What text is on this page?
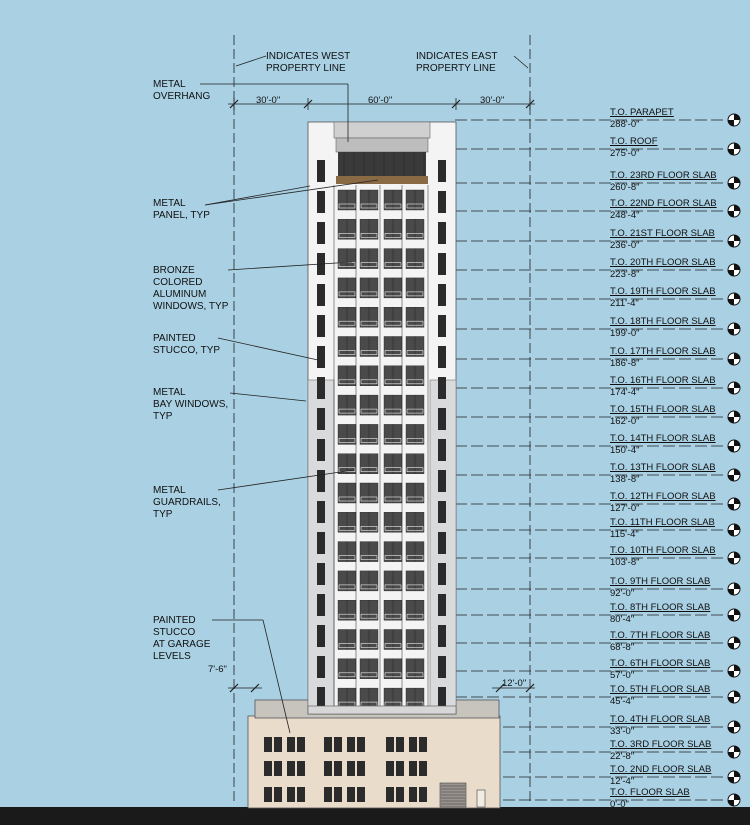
INDICATES WEST
PROPERTY LINE
INDICATES EAST
PROPERTY LINE
30'-0"	60'-0"	30'-0"
7'-6"
12'-0"
METAL
OVERHANG
METAL
PANEL, TYP
BRONZE
COLORED
ALUMINUM
WINDOWS, TYP
PAINTED
STUCCO, TYP
METAL
BAY WINDOWS,
TYP
METAL
GUARDRAILS,
TYP
PAINTED
STUCCO
AT GARAGE
LEVELS
T.O. PARAPET
288'-0"
T.O. ROOF
275'-0"
T.O. 23RD FLOOR SLAB
260'-8"
T.O. 22ND FLOOR SLAB
248'-4"
T.O. 21ST FLOOR SLAB
236'-0"
T.O. 20TH FLOOR SLAB
223'-8"
T.O. 19TH FLOOR SLAB
211'-4"
T.O. 18TH FLOOR SLAB
199'-0"
T.O. 17TH FLOOR SLAB
186'-8"
T.O. 16TH FLOOR SLAB
174'-4"
T.O. 15TH FLOOR SLAB
162'-0"
T.O. 14TH FLOOR SLAB
150'-4"
T.O. 13TH FLOOR SLAB
138'-8"
T.O. 12TH FLOOR SLAB
127'-0"
T.O. 11TH FLOOR SLAB
115'-4"
T.O. 10TH FLOOR SLAB
103'-8"
T.O. 9TH FLOOR SLAB
92'-0"
T.O. 8TH FLOOR SLAB
80'-4"
T.O. 7TH FLOOR SLAB
68'-8"
T.O. 6TH FLOOR SLAB
57'-0"
T.O. 5TH FLOOR SLAB
45'-4"
T.O. 4TH FLOOR SLAB
33'-0"
T.O. 3RD FLOOR SLAB
22'-8"
T.O. 2ND FLOOR SLAB
12'-4"
T.O. FLOOR SLAB
0'-0"
